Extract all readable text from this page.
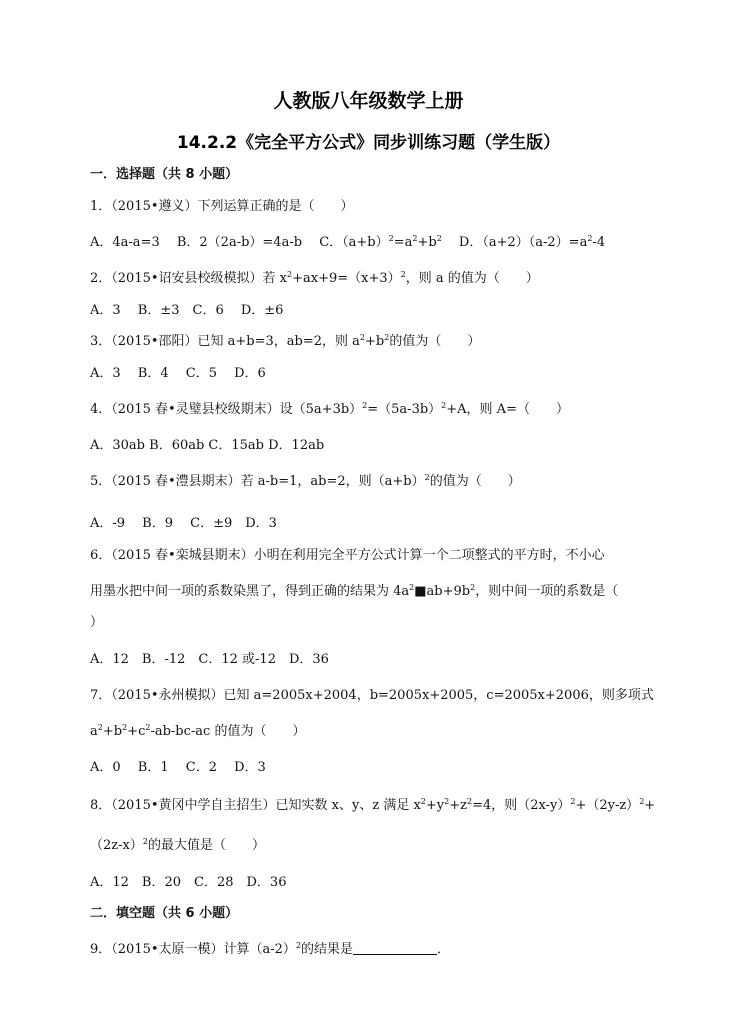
人教版八年级数学上册
14.2.2《完全平方公式》同步训练习题（学生版）
一．选择题（共 8 小题）
1．（2015•遵义）下列运算正确的是（　　）
A．4a-a=3　 B．2（2a-b）=4a-b　 C．$(a+b)^2=a^2+b^2$　 D．$(a+2)(a-2)=a^2-4$
2．（2015•诏安县校级模拟）若 $x^2+ax+9=(x+3)^2$，则 a 的值为（　　）
A．3　 B．±3　C．6　 D．±6
3．（2015•邵阳）已知 a+b=3，ab=2，则 $a^2+b^2$的值为（　　）
A．3　 B．4　 C．5　 D．6
4．（2015 春•灵璧县校级期末）设$(5a+3b)^2=(5a-3b)^2+A$，则 A=（　　）
A．30ab B．60ab C．15ab D．12ab
5．（2015 春•澧县期末）若 a-b=1，ab=2，则$(a+b)^2$的值为（　　）
A．-9　 B．9　 C．±9　D．3
6．（2015 春•栾城县期末）小明在利用完全平方公式计算一个二项整式的平方时，不小心
用墨水把中间一项的系数染黑了，得到正确的结果为 $4a^2■ab+9b^2$，则中间一项的系数是（
）
A．12　B．-12　C．12 或-12　D．36
7．（2015•永州模拟）已知 a=2005x+2004，b=2005x+2005，c=2005x+2006，则多项式
$a^2+b^2+c^2-ab-bc-ac$ 的值为（　　）
A．0　 B．1　 C．2　 D．3
8．（2015•黄冈中学自主招生）已知实数 x、y、z 满足 $x^2+y^2+z^2=4$，则$(2x-y)^2+(2y-z)^2+$
$(2z-x)^2$的最大值是（　　）
A．12　B．20　C．28　D．36
二．填空题（共 6 小题）
9．（2015•太原一模）计算$(a-2)^2$的结果是	．
